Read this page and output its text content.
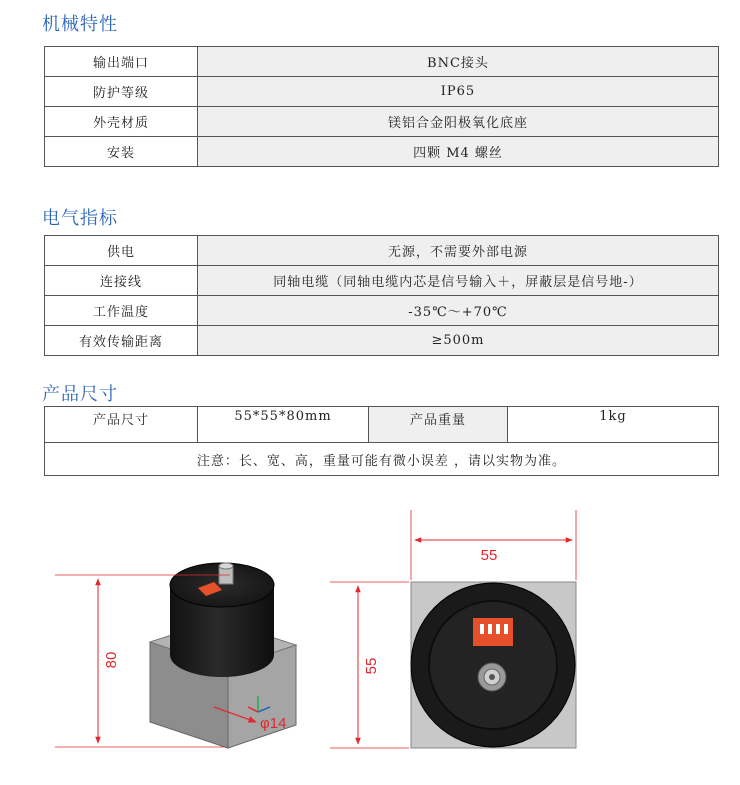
机械特性
输出端口	BNC接头
防护等级	IP65
外壳材质	镁铝合金阳极氧化底座
安装	四颗 M4 螺丝
电气指标
供电	无源，不需要外部电源
连接线	同轴电缆（同轴电缆内芯是信号输入＋，屏蔽层是信号地-）
工作温度	-35℃～+70℃
有效传输距离	≥500m
产品尺寸
产品尺寸	55*55*80mm	产品重量	1kg
注意：长、宽、高，重量可能有微小误差 ，请以实物为准。
φ14
80
55
55
